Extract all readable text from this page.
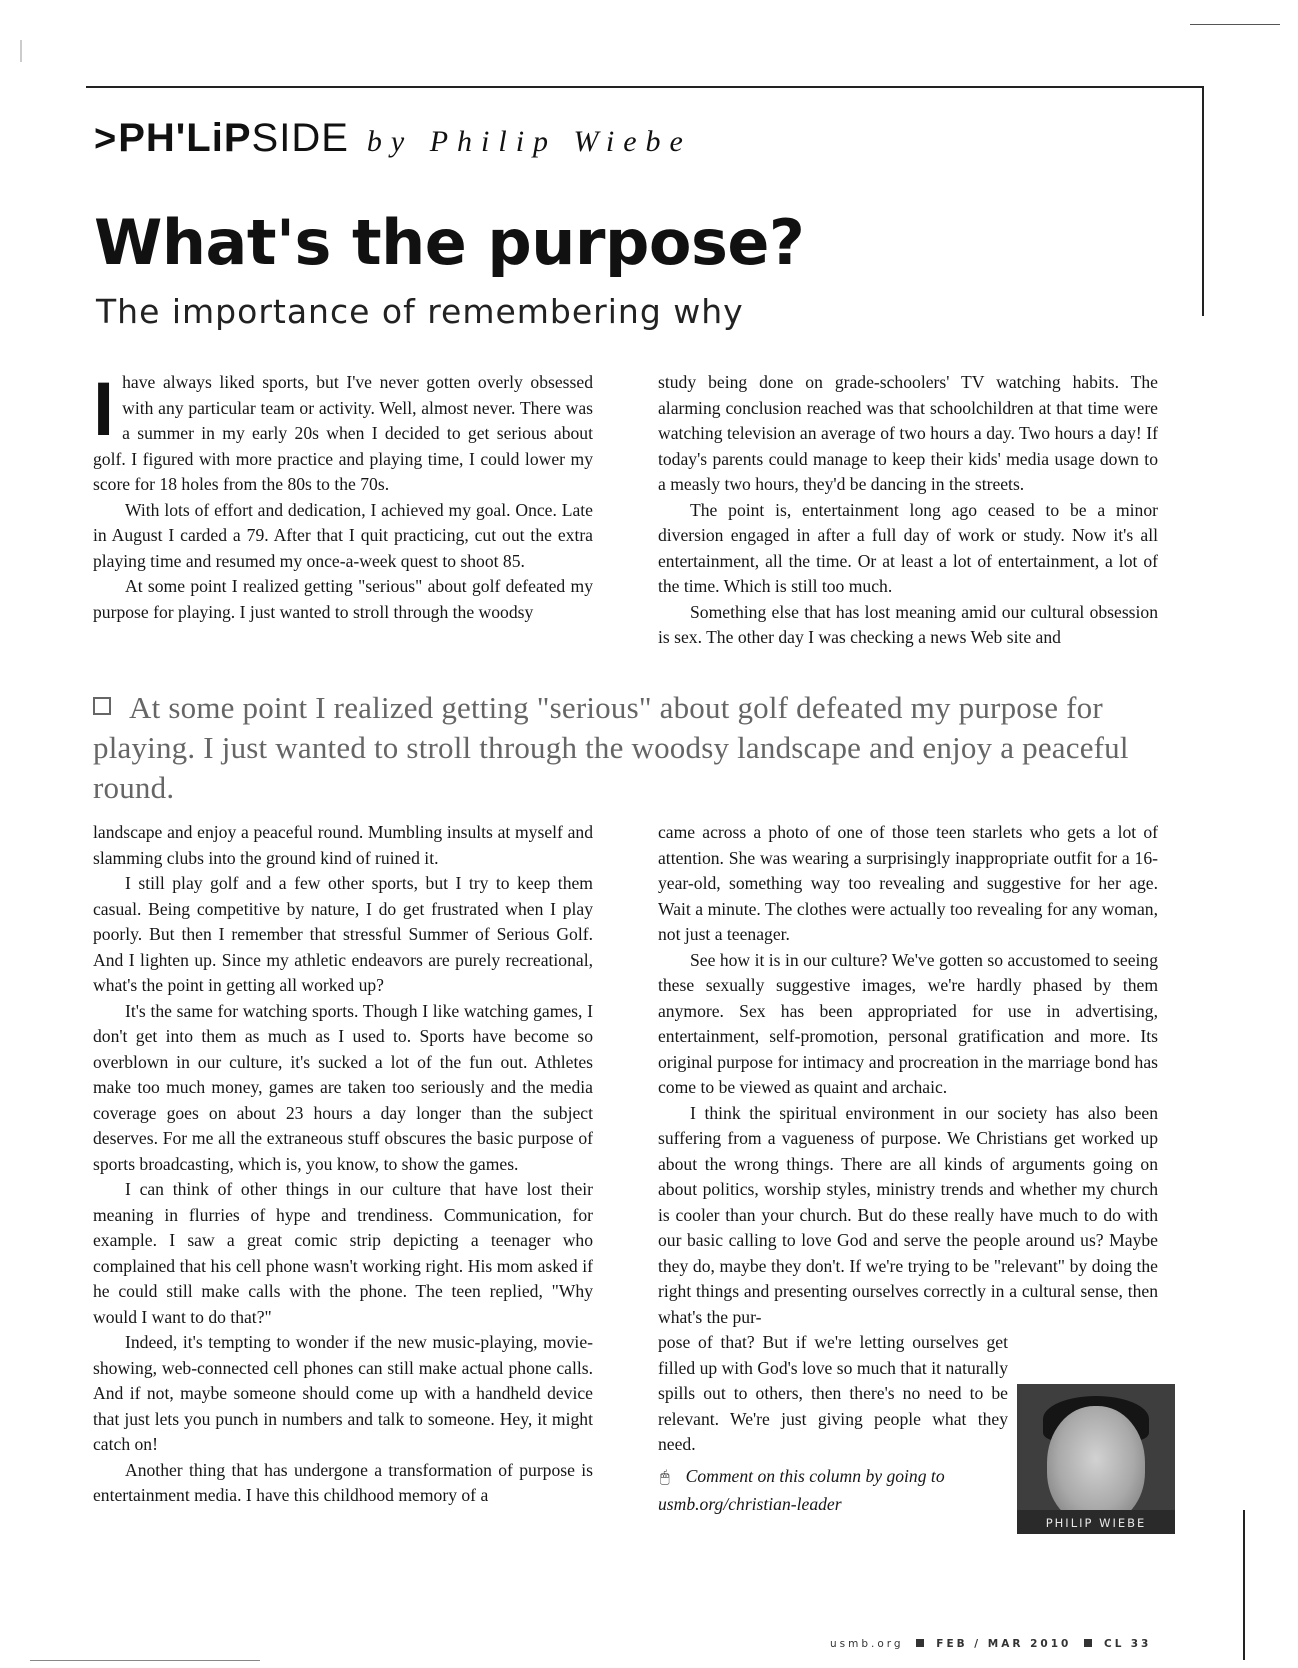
> PH ' LiP SIDE by Philip Wiebe
What's the purpose?
The importance of remembering why

Ihave always liked sports, but I've never gotten overly obsessed with any particular team or activity. Well, almost never. There was a summer in my early 20s when I decided to get serious about golf. I figured with more practice and playing time, I could lower my score for 18 holes from the 80s to the 70s.

With lots of effort and dedication, I achieved my goal. Once. Late in August I carded a 79. After that I quit practicing, cut out the extra playing time and resumed my once-a-week quest to shoot 85.

At some point I realized getting "serious" about golf defeated my purpose for playing. I just wanted to stroll through the woodsy

study being done on grade-schoolers' TV watching habits. The alarming conclusion reached was that schoolchildren at that time were watching television an average of two hours a day. Two hours a day! If today's parents could manage to keep their kids' media usage down to a measly two hours, they'd be dancing in the streets.

The point is, entertainment long ago ceased to be a minor diversion engaged in after a full day of work or study. Now it's all entertainment, all the time. Or at least a lot of entertainment, a lot of the time. Which is still too much.

Something else that has lost meaning amid our cultural obsession is sex. The other day I was checking a news Web site and

At some point I realized getting "serious" about golf defeated my purpose for playing. I just wanted to stroll through the woodsy landscape and enjoy a peaceful round.

landscape and enjoy a peaceful round. Mumbling insults at myself and slamming clubs into the ground kind of ruined it.

I still play golf and a few other sports, but I try to keep them casual. Being competitive by nature, I do get frustrated when I play poorly. But then I remember that stressful Summer of Serious Golf. And I lighten up. Since my athletic endeavors are purely recreational, what's the point in getting all worked up?

It's the same for watching sports. Though I like watching games, I don't get into them as much as I used to. Sports have become so overblown in our culture, it's sucked a lot of the fun out. Athletes make too much money, games are taken too seriously and the media coverage goes on about 23 hours a day longer than the subject deserves. For me all the extraneous stuff obscures the basic purpose of sports broadcasting, which is, you know, to show the games.

I can think of other things in our culture that have lost their meaning in flurries of hype and trendiness. Communication, for example. I saw a great comic strip depicting a teenager who complained that his cell phone wasn't working right. His mom asked if he could still make calls with the phone. The teen replied, "Why would I want to do that?"

Indeed, it's tempting to wonder if the new music-playing, movie-showing, web-connected cell phones can still make actual phone calls. And if not, maybe someone should come up with a handheld device that just lets you punch in numbers and talk to someone. Hey, it might catch on!

Another thing that has undergone a transformation of purpose is entertainment media. I have this childhood memory of a

came across a photo of one of those teen starlets who gets a lot of attention. She was wearing a surprisingly inappropriate outfit for a 16-year-old, something way too revealing and suggestive for her age. Wait a minute. The clothes were actually too revealing for any woman, not just a teenager.

See how it is in our culture? We've gotten so accustomed to seeing these sexually suggestive images, we're hardly phased by them anymore. Sex has been appropriated for use in advertising, entertainment, self-promotion, personal gratification and more. Its original purpose for intimacy and procreation in the marriage bond has come to be viewed as quaint and archaic.

I think the spiritual environment in our society has also been suffering from a vagueness of purpose. We Christians get worked up about the wrong things. There are all kinds of arguments going on about politics, worship styles, ministry trends and whether my church is cooler than your church. But do these really have much to do with our basic calling to love God and serve the people around us? Maybe they do, maybe they don't. If we're trying to be "relevant" by doing the right things and presenting ourselves correctly in a cultural sense, then what's the pur-

pose of that? But if we're letting ourselves get filled up with God's love so much that it naturally spills out to others, then there's no need to be relevant. We're just giving people what they need.

🖱 Comment on this column by going to usmb.org/christian-leader
PHILIP WIEBE
usmb.org	FEB / MAR 2010	CL 33
